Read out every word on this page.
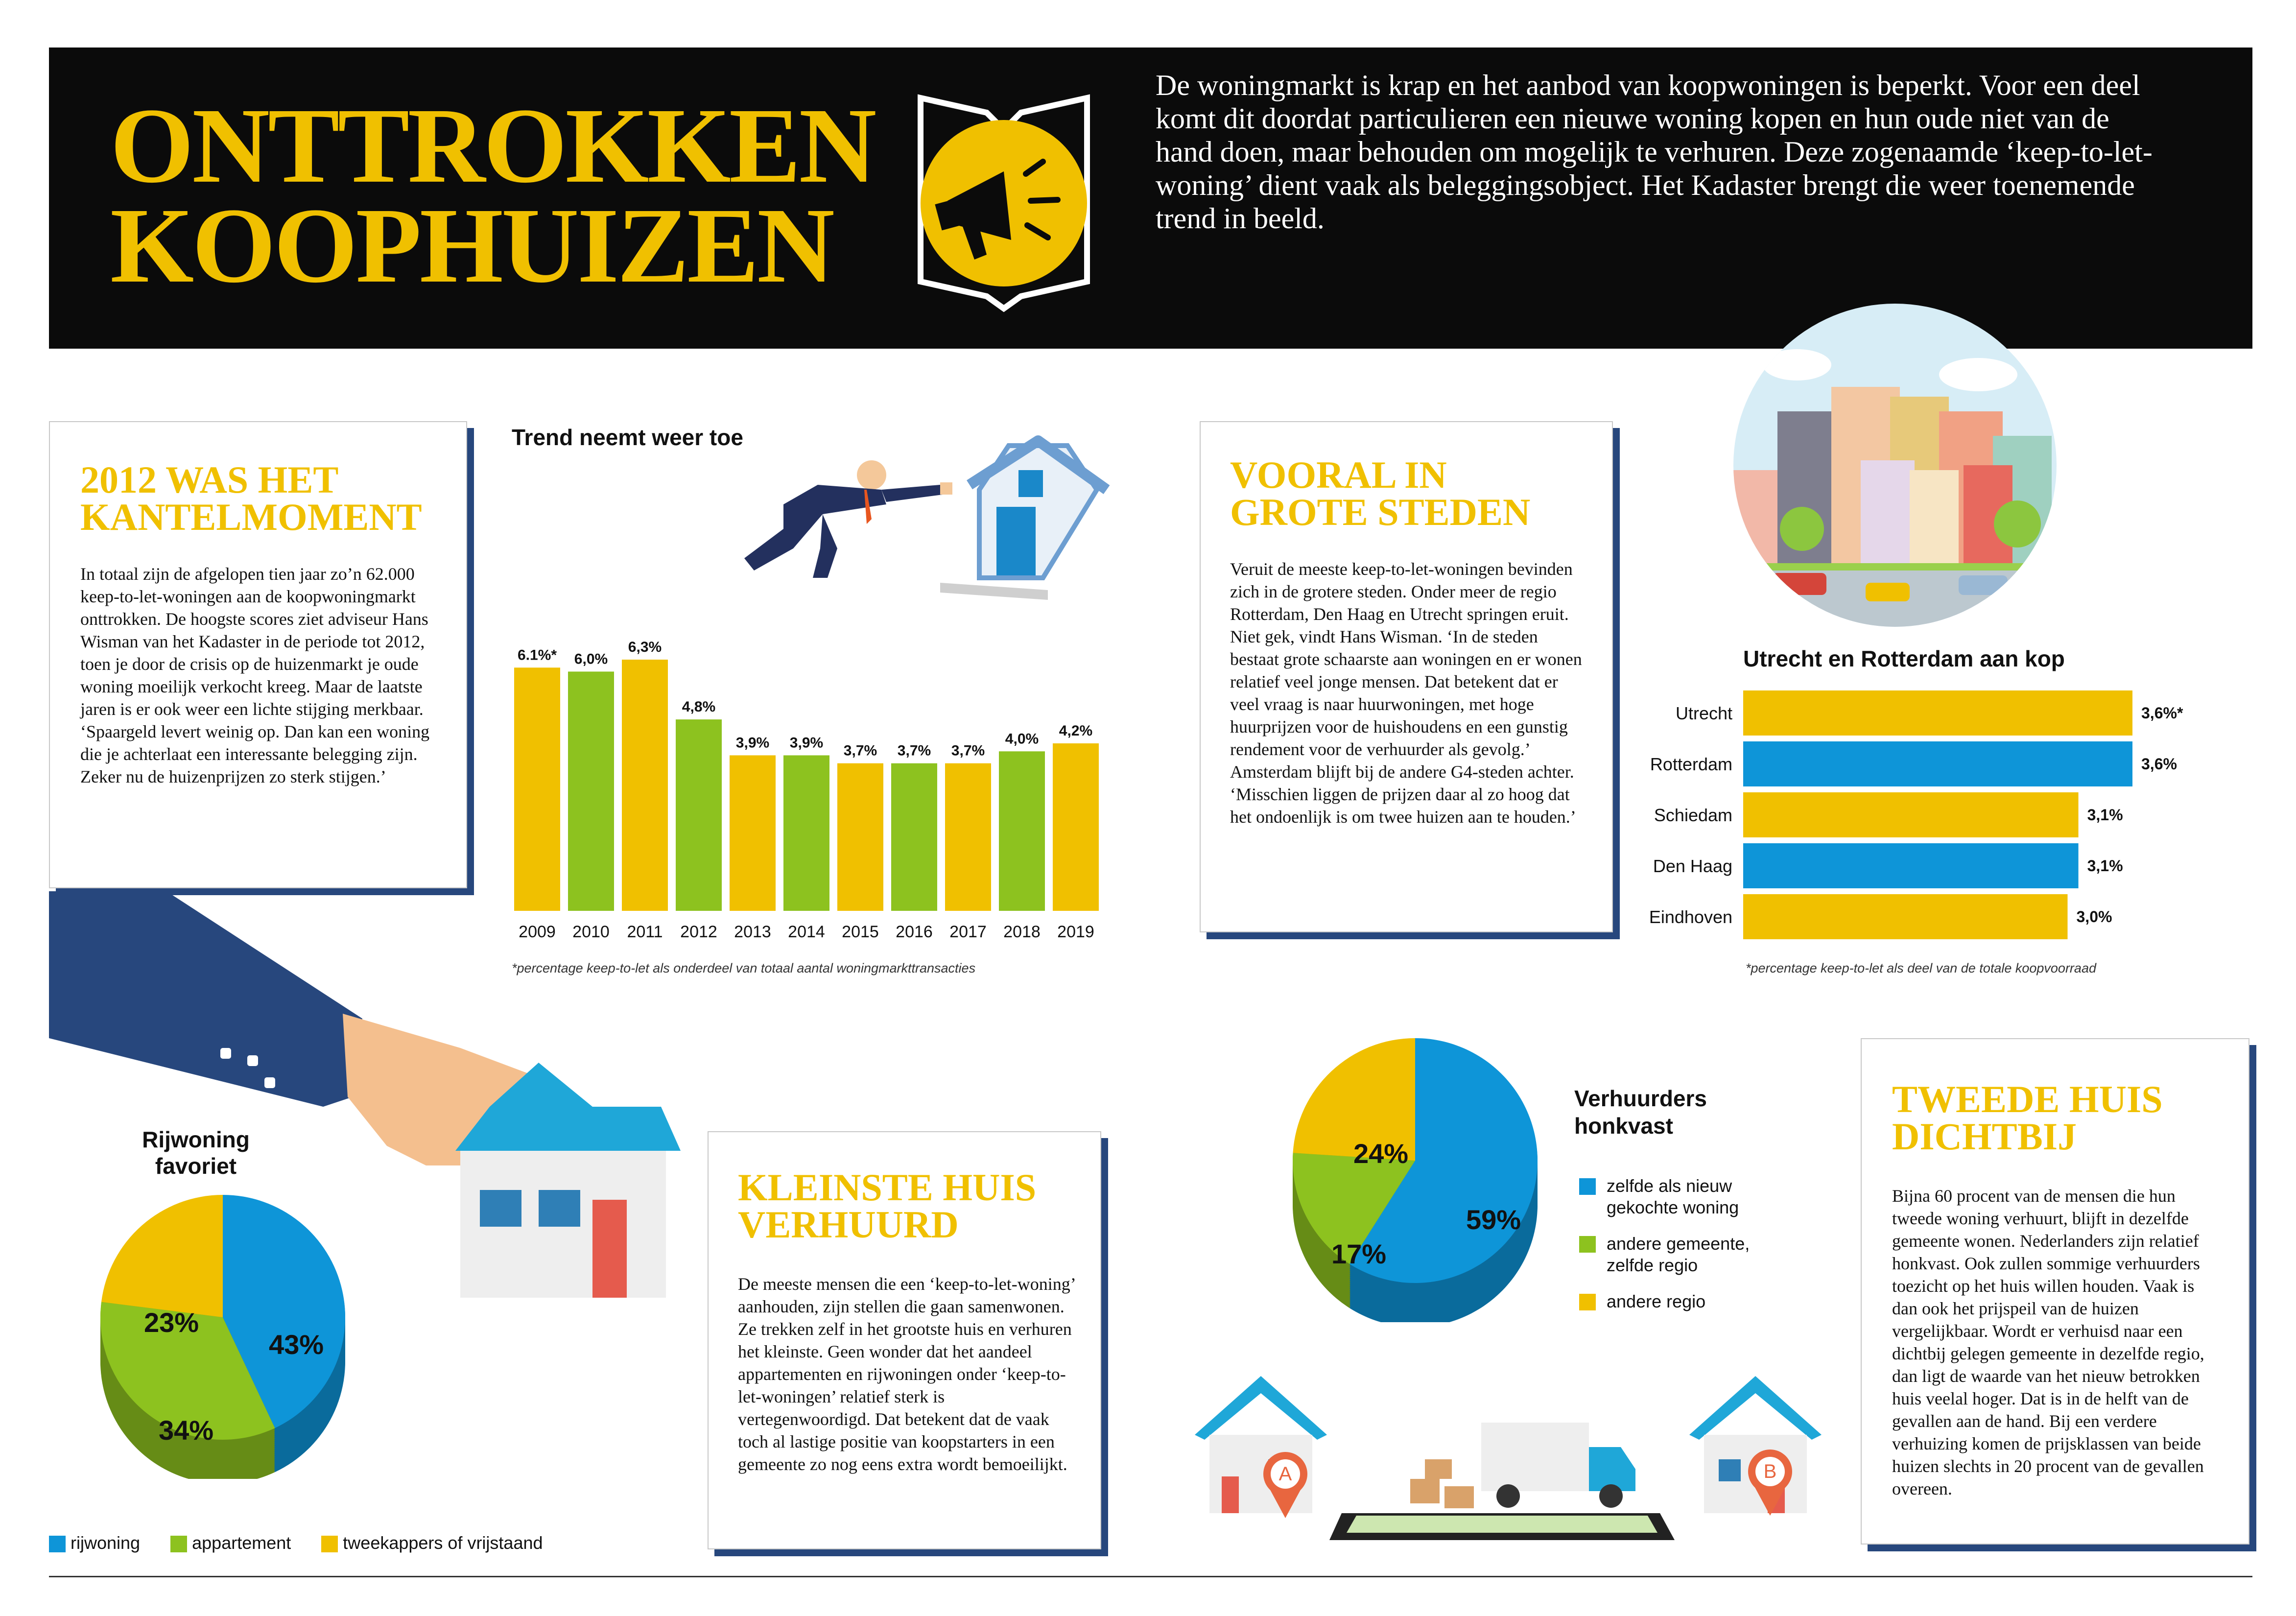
ONTTROKKEN
KOOPHUIZEN
De woningmarkt is krap en het aanbod van koopwoningen is beperkt. Voor een deel komt dit doordat particulieren een nieuwe woning kopen en hun oude niet van de hand doen, maar behouden om mogelijk te verhuren. Deze zogenaamde ‘keep-to-let-woning’ dient vaak als beleggingsobject. Het Kadaster brengt die weer toenemende trend in beeld.
2012 WAS HET
KANTELMOMENT

In totaal zijn de afgelopen tien jaar zo’n 62.000 keep-to-let-woningen aan de koopwoningmarkt onttrokken. De hoogste scores ziet adviseur Hans Wisman van het Kadaster in de periode tot 2012, toen je door de crisis op de huizenmarkt je oude woning moeilijk verkocht kreeg. Maar de laatste jaren is er ook weer een lichte stijging merkbaar. ‘Spaargeld levert weinig op. Dan kan een woning die je achterlaat een interessante belegging zijn. Zeker nu de huizenprijzen zo sterk stijgen.’

Trend neemt weer toe
6.1%*
2009
6,0%
2010
6,3%
2011
4,8%
2012
3,9%
2013
3,9%
2014
3,7%
2015
3,7%
2016
3,7%
2017
4,0%
2018
4,2%
2019
*percentage keep-to-let als onderdeel van totaal aantal woningmarkttransacties
VOORAL IN
GROTE STEDEN

Veruit de meeste keep-to-let-woningen bevinden zich in de grotere steden. Onder meer de regio Rotterdam, Den Haag en Utrecht springen eruit. Niet gek, vindt Hans Wisman. ‘In de steden bestaat grote schaarste aan woningen en er wonen relatief veel jonge mensen. Dat betekent dat er veel vraag is naar huurwoningen, met hoge huurprijzen voor de huishoudens en een gunstig rendement voor de verhuurder als gevolg.’ Amsterdam blijft bij de andere G4-steden achter. ‘Misschien liggen de prijzen daar al zo hoog dat het ondoenlijk is om twee huizen aan te houden.’

Utrecht en Rotterdam aan kop
Utrecht	3,6%*
Rotterdam	3,6%
Schiedam	3,1%
Den Haag	3,1%
Eindhoven	3,0%
*percentage keep-to-let als deel van de totale koopvoorraad
Rijwoning
favoriet
43%
34%
23%
rijwoning	appartement	tweekappers of vrijstaand
KLEINSTE HUIS
VERHUURD

De meeste mensen die een ‘keep-to-let-woning’ aanhouden, zijn stellen die gaan samenwonen. Ze trekken zelf in het grootste huis en verhuren het kleinste. Geen wonder dat het aandeel appartementen en rijwoningen onder ‘keep-to-let-woningen’ relatief sterk is vertegenwoordigd. Dat betekent dat de vaak toch al lastige positie van koopstarters in een gemeente zo nog eens extra wordt bemoeilijkt.

59%
17%
24%
Verhuurders
honkvast
zelfde als nieuw
gekochte woning
andere gemeente,
zelfde regio
andere regio
A	B
TWEEDE HUIS
DICHTBIJ

Bijna 60 procent van de mensen die hun tweede woning verhuurt, blijft in dezelfde gemeente wonen. Nederlanders zijn relatief honkvast. Ook zullen sommige verhuurders toezicht op het huis willen houden. Vaak is dan ook het prijspeil van de huizen vergelijkbaar. Wordt er verhuisd naar een dichtbij gelegen gemeente in dezelfde regio, dan ligt de waarde van het nieuw betrokken huis veelal hoger. Dat is in de helft van de gevallen aan de hand. Bij een verdere verhuizing komen de prijsklassen van beide huizen slechts in 20 procent van de gevallen overeen.
